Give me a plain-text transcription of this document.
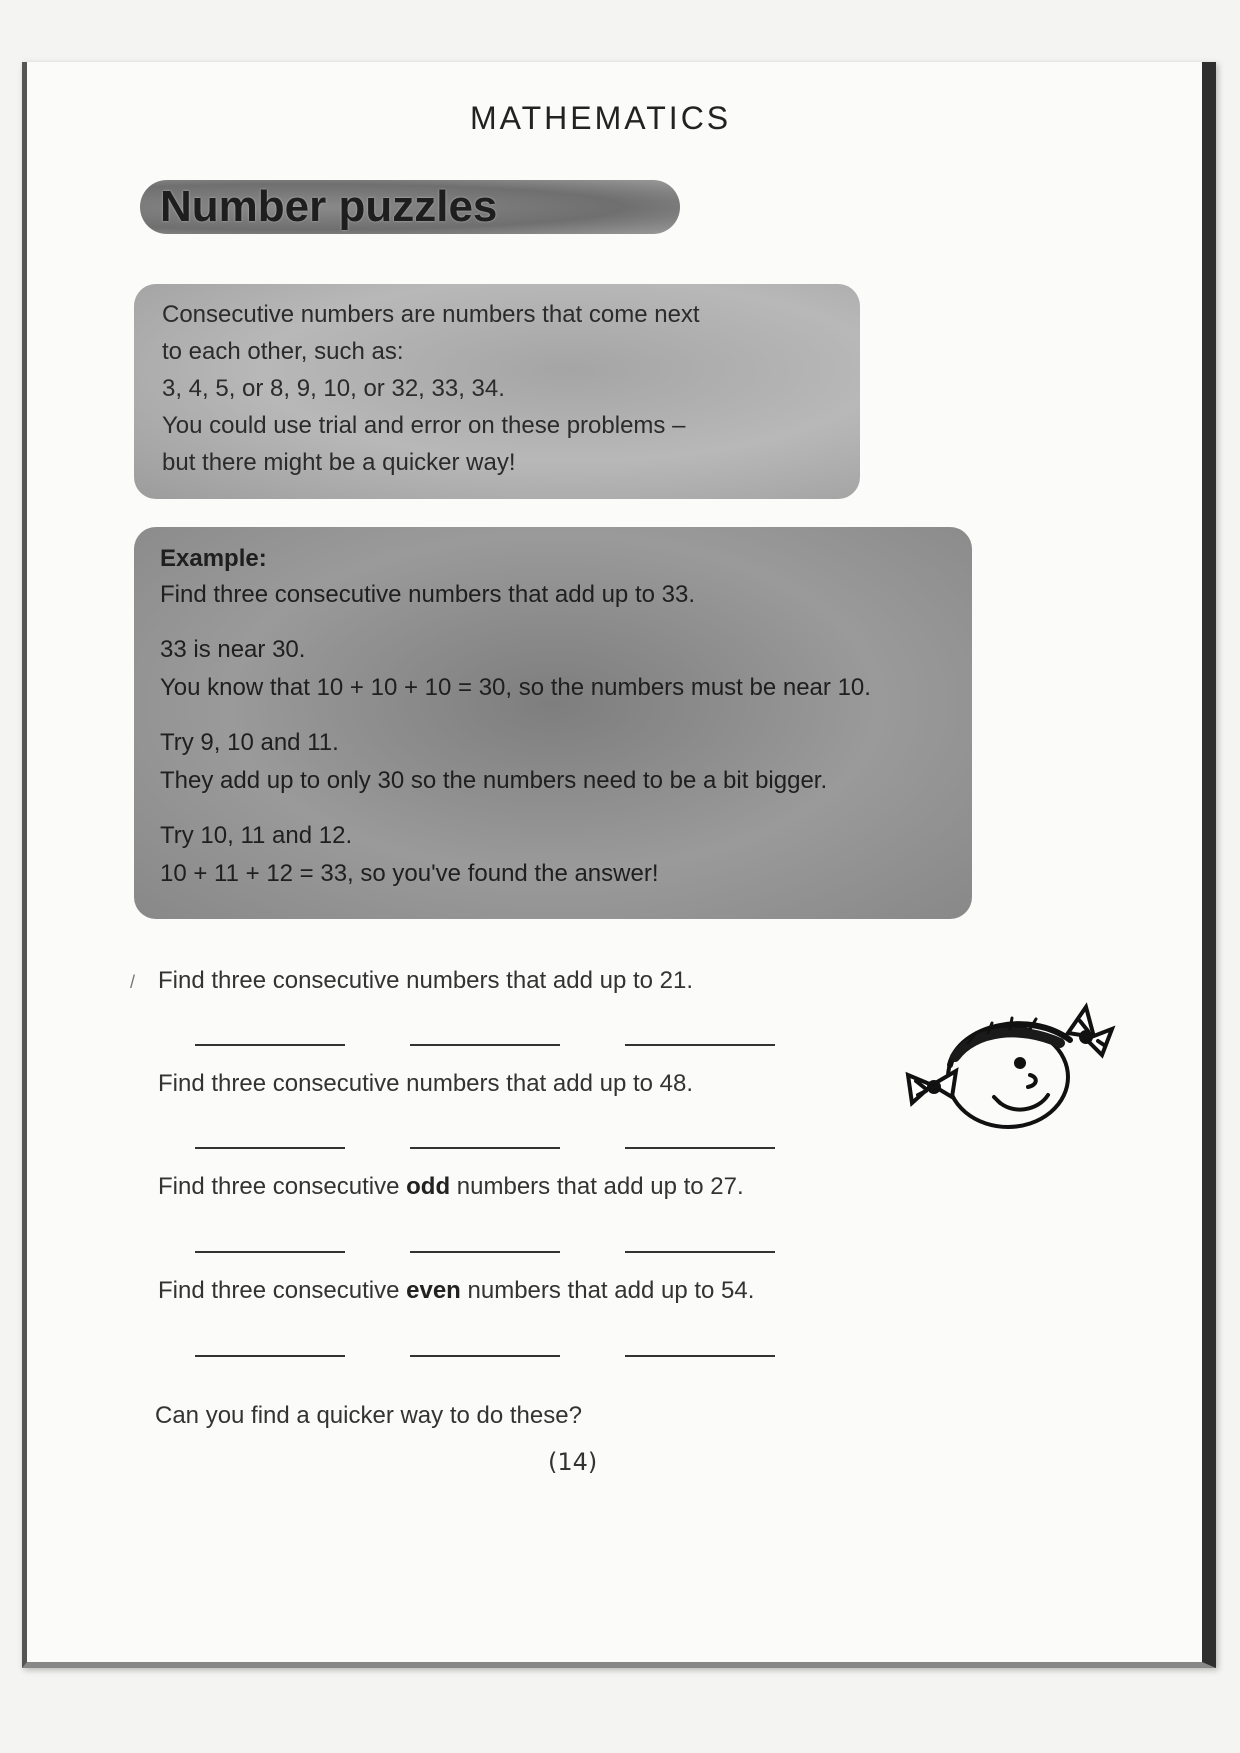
MATHEMATICS
Number puzzles
Consecutive numbers are numbers that come next
to each other, such as:
3, 4, 5, or 8, 9, 10, or 32, 33, 34.
You could use trial and error on these problems –
but there might be a quicker way!
Example:
Find three consecutive numbers that add up to 33.
33 is near 30.
You know that 10 + 10 + 10 = 30, so the numbers must be near 10.
Try 9, 10 and 11.
They add up to only 30 so the numbers need to be a bit bigger.
Try 10, 11 and 12.
10 + 11 + 12 = 33, so you've found the answer!
/ Find three consecutive numbers that add up to 21.
Find three consecutive numbers that add up to 48.
Find three consecutive odd numbers that add up to 27.
Find three consecutive even numbers that add up to 54.
Can you find a quicker way to do these?
(14)
